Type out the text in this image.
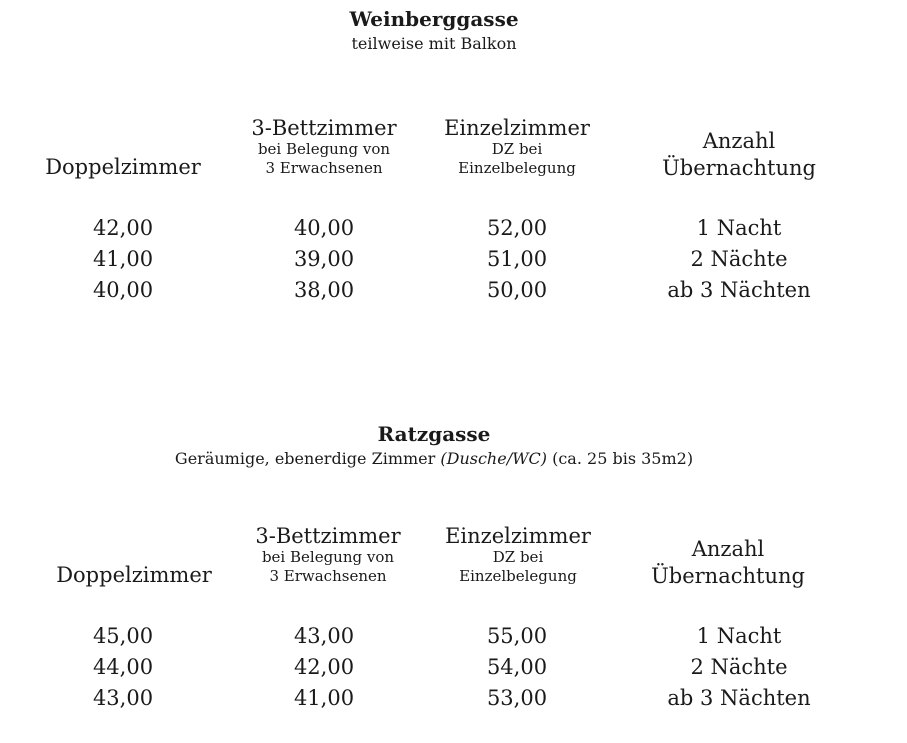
Weinberggasse
teilweise mit Balkon
Doppelzimmer
3-Bettzimmer
bei Belegung von
3 Erwachsenen
Einzelzimmer
DZ bei
Einzelbelegung
Anzahl
Übernachtung
42,00
41,00
40,00
40,00
39,00
38,00
52,00
51,00
50,00
1 Nacht
2 Nächte
ab 3 Nächten
Ratzgasse
Geräumige, ebenerdige Zimmer (Dusche/WC) (ca. 25 bis 35m2)
Doppelzimmer
3-Bettzimmer
bei Belegung von
3 Erwachsenen
Einzelzimmer
DZ bei
Einzelbelegung
Anzahl
Übernachtung
45,00
44,00
43,00
43,00
42,00
41,00
55,00
54,00
53,00
1 Nacht
2 Nächte
ab 3 Nächten
